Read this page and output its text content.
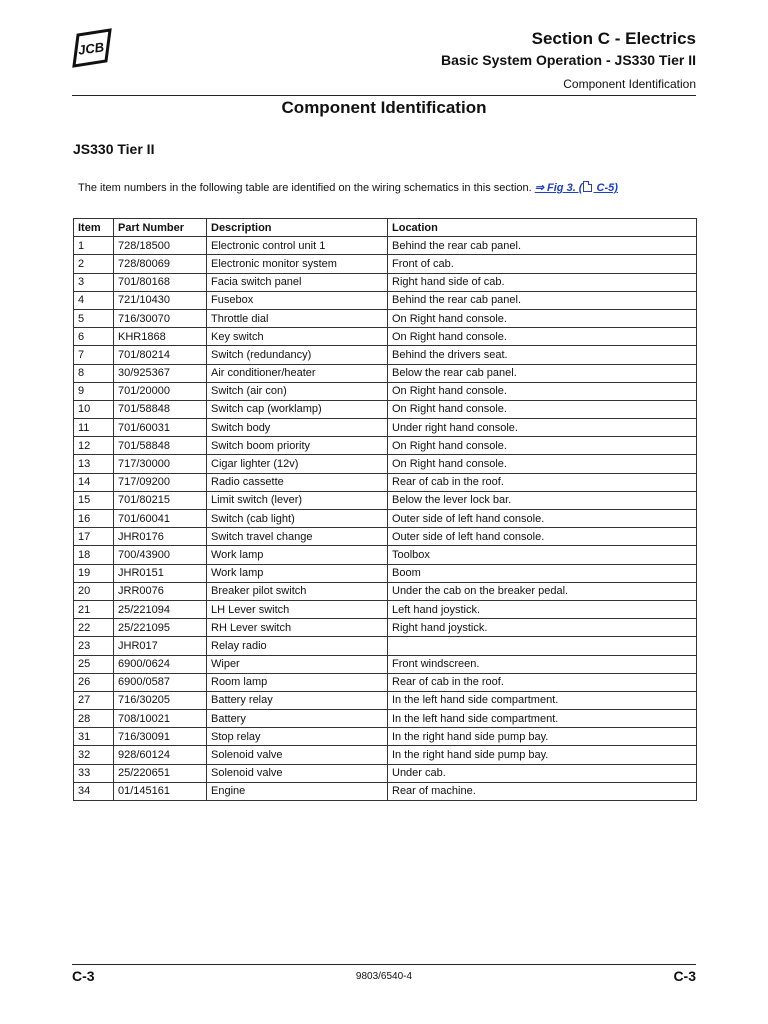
JCB
Section C - Electrics
Basic System Operation - JS330 Tier II
Component Identification
Component Identification
JS330 Tier II
The item numbers in the following table are identified on the wiring schematics in this section. ⇒ Fig 3. ( C-5)
Item	Part Number	Description	Location
1	728/18500	Electronic control unit 1	Behind the rear cab panel.
2	728/80069	Electronic monitor system	Front of cab.
3	701/80168	Facia switch panel	Right hand side of cab.
4	721/10430	Fusebox	Behind the rear cab panel.
5	716/30070	Throttle dial	On Right hand console.
6	KHR1868	Key switch	On Right hand console.
7	701/80214	Switch (redundancy)	Behind the drivers seat.
8	30/925367	Air conditioner/heater	Below the rear cab panel.
9	701/20000	Switch (air con)	On Right hand console.
10	701/58848	Switch cap (worklamp)	On Right hand console.
11	701/60031	Switch body	Under right hand console.
12	701/58848	Switch boom priority	On Right hand console.
13	717/30000	Cigar lighter (12v)	On Right hand console.
14	717/09200	Radio cassette	Rear of cab in the roof.
15	701/80215	Limit switch (lever)	Below the lever lock bar.
16	701/60041	Switch (cab light)	Outer side of left hand console.
17	JHR0176	Switch travel change	Outer side of left hand console.
18	700/43900	Work lamp	Toolbox
19	JHR0151	Work lamp	Boom
20	JRR0076	Breaker pilot switch	Under the cab on the breaker pedal.
21	25/221094	LH Lever switch	Left hand joystick.
22	25/221095	RH Lever switch	Right hand joystick.
23	JHR017	Relay radio	
25	6900/0624	Wiper	Front windscreen.
26	6900/0587	Room lamp	Rear of cab in the roof.
27	716/30205	Battery relay	In the left hand side compartment.
28	708/10021	Battery	In the left hand side compartment.
31	716/30091	Stop relay	In the right hand side pump bay.
32	928/60124	Solenoid valve	In the right hand side pump bay.
33	25/220651	Solenoid valve	Under cab.
34	01/145161	Engine	Rear of machine.
C-3	9803/6540-4	C-3
